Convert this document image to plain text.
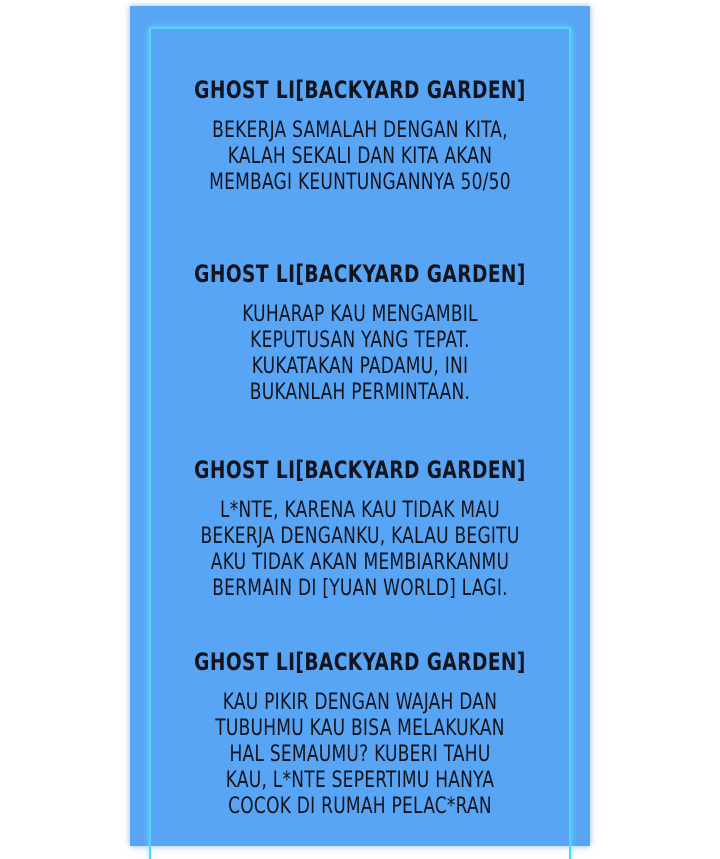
GHOST LI[BACKYARD GARDEN]
BEKERJA SAMALAH DENGAN KITA,
KALAH SEKALI DAN KITA AKAN
MEMBAGI KEUNTUNGANNYA 50/50
GHOST LI[BACKYARD GARDEN]
KUHARAP KAU MENGAMBIL
KEPUTUSAN YANG TEPAT.
KUKATAKAN PADAMU, INI
BUKANLAH PERMINTAAN.
GHOST LI[BACKYARD GARDEN]
L*NTE, KARENA KAU TIDAK MAU
BEKERJA DENGANKU, KALAU BEGITU
AKU TIDAK AKAN MEMBIARKANMU
BERMAIN DI [YUAN WORLD] LAGI.
GHOST LI[BACKYARD GARDEN]
KAU PIKIR DENGAN WAJAH DAN
TUBUHMU KAU BISA MELAKUKAN
HAL SEMAUMU? KUBERI TAHU
KAU, L*NTE SEPERTIMU HANYA
COCOK DI RUMAH PELAC*RAN
